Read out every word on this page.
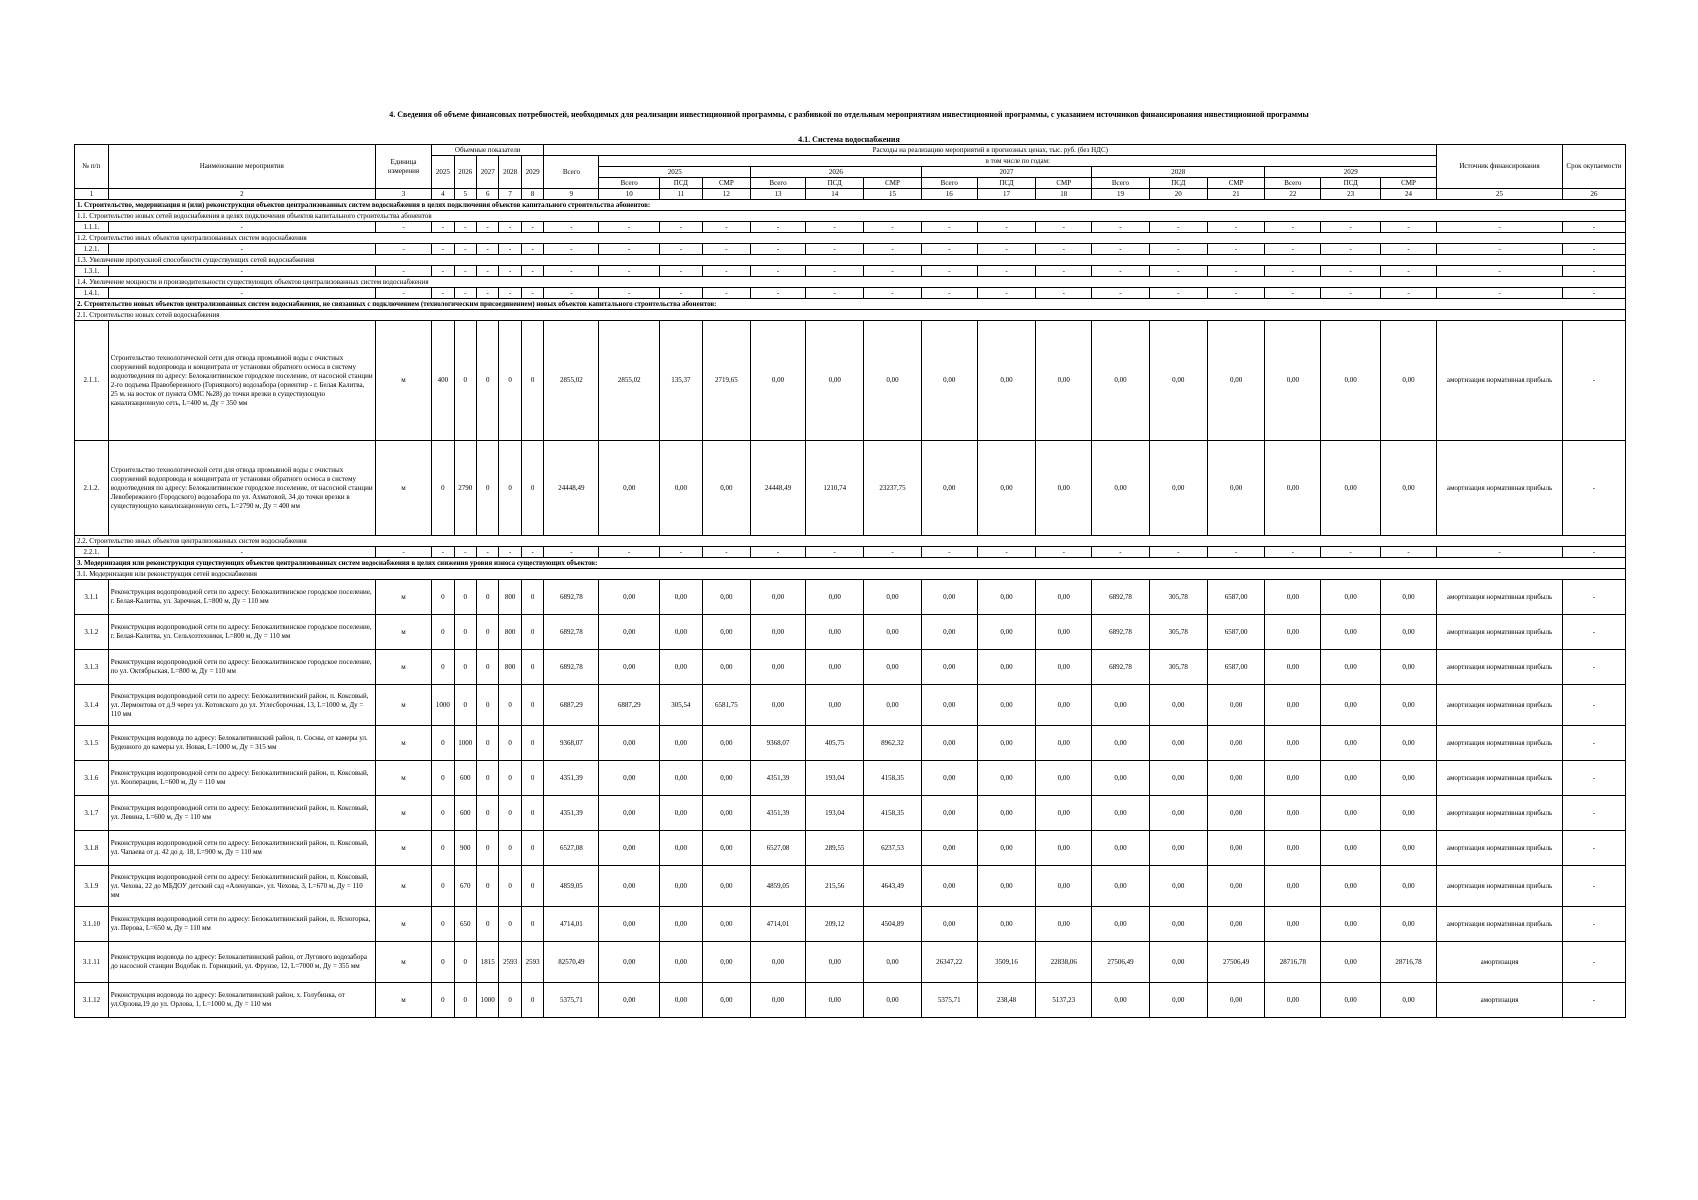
4. Сведения об объеме финансовых потребностей, необходимых для реализации инвестиционной программы, с разбивкой по отдельным мероприятиям инвестиционной программы, с указанием источников финансирования инвестиционной программы
4.1. Система водоснабжения
№ п/п	Наименование мероприятия	Единица измерения	Объемные показатели					Расходы на реализацию мероприятий в прогнозных ценах, тыс. руб. (без НДС)																Источник финансирования	Срок окупаемости
			2025	2026	2027	2028	2029	Всего	в том числе по годам:																
									2025			2026			2027			2028			2029				
									Всего	ПСД	СМР	Всего	ПСД	СМР	Всего	ПСД	СМР	Всего	ПСД	СМР	Всего	ПСД	СМР		
1	2	3	4	5	6	7	8	9	10	11	12	13	14	15	16	17	18	19	20	21	22	23	24	25	26
1. Строительство, модернизация и (или) реконструкция объектов централизованных систем водоснабжения в целях подключения объектов капитального строительства абонентов:																									
1.1. Строительство новых сетей водоснабжения в целях подключения объектов капитального строительства абонентов																									
1.1.1.	-	-	-	-	-	-	-	-	-	-	-	-	-	-	-	-	-	-	-	-	-	-	-	-	-
1.2. Строительство иных объектов централизованных систем водоснабжения																									
1.2.1.	-	-	-	-	-	-	-	-	-	-	-	-	-	-	-	-	-	-	-	-	-	-	-	-	-
1.3. Увеличение пропускной способности существующих сетей водоснабжения																									
1.3.1.	-	-	-	-	-	-	-	-	-	-	-	-	-	-	-	-	-	-	-	-	-	-	-	-	-
1.4. Увеличение мощности и производительности существующих объектов централизованных систем водоснабжения																									
1.4.1.	-	-	-	-	-	-	-	-	-	-	-	-	-	-	-	-	-	-	-	-	-	-	-	-	-
2. Строительство новых объектов централизованных систем водоснабжения, не связанных с подключением (технологическим присоединением) новых объектов капитального строительства абонентов:																									
2.1. Строительство новых сетей водоснабжения																									
2.1.1.	Строительство технологической сети для отвода промывной воды с очистных сооружений водопровода и концентрата от установки обратного осмоса в систему водоотведения по адресу: Белокалитвинское городское поселение, от насосной станции 2-го подъема Правобережного (Горняцкого) водозабора (ориентир - г. Белая Калитва, 25 м. на восток от пункта ОМС №28) до точки врезки в существующую канализационную сеть, L=400 м, Ду = 350 мм	м	400	0	0	0	0	2855,02	2855,02	135,37	2719,65	0,00	0,00	0,00	0,00	0,00	0,00	0,00	0,00	0,00	0,00	0,00	0,00	амортизация нормативная прибыль	-
2.1.2.	Строительство технологической сети для отвода промывной воды с очистных сооружений водопровода и концентрата от установки обратного осмоса в систему водоотведения по адресу: Белокалитвинское городское поселение, от насосной станции Левобережного (Городского) водозабора по ул. Ахматовой, 34 до точки врезки в существующую канализационную сеть, L=2790 м, Ду = 400 мм	м	0	2790	0	0	0	24448,49	0,00	0,00	0,00	24448,49	1210,74	23237,75	0,00	0,00	0,00	0,00	0,00	0,00	0,00	0,00	0,00	амортизация нормативная прибыль	-
2.2. Строительство иных объектов централизованных систем водоснабжения																									
2.2.1.	-	-	-	-	-	-	-	-	-	-	-	-	-	-	-	-	-	-	-	-	-	-	-	-	-
3. Модернизация или реконструкция существующих объектов централизованных систем водоснабжения в целях снижения уровня износа существующих объектов:																									
3.1. Модернизация или реконструкция сетей водоснабжения																									
3.1.1	Реконструкция водопроводной сети по адресу: Белокалитвинское городское поселение, г. Белая-Калитва, ул. Заречная, L=800 м, Ду = 110 мм	м	0	0	0	800	0	6892,78	0,00	0,00	0,00	0,00	0,00	0,00	0,00	0,00	0,00	6892,78	305,78	6587,00	0,00	0,00	0,00	амортизация нормативная прибыль	-
3.1.2	Реконструкция водопроводной сети по адресу: Белокалитвинское городское поселение, г. Белая-Калитва, ул. Сельхозтехники, L=800 м, Ду = 110 мм	м	0	0	0	800	0	6892,78	0,00	0,00	0,00	0,00	0,00	0,00	0,00	0,00	0,00	6892,78	305,78	6587,00	0,00	0,00	0,00	амортизация нормативная прибыль	-
3.1.3	Реконструкция водопроводной сети по адресу: Белокалитвинское городское поселение, по ул. Октябрьская, L=800 м, Ду = 110 мм	м	0	0	0	800	0	6892,78	0,00	0,00	0,00	0,00	0,00	0,00	0,00	0,00	0,00	6892,78	305,78	6587,00	0,00	0,00	0,00	амортизация нормативная прибыль	-
3.1.4	Реконструкция водопроводной сети по адресу: Белокалитвинский район, п. Коксовый, ул. Лермонтова от д.9 через ул. Котовского до ул. Углесборочная, 13, L=1000 м, Ду = 110 мм	м	1000	0	0	0	0	6887,29	6887,29	305,54	6581,75	0,00	0,00	0,00	0,00	0,00	0,00	0,00	0,00	0,00	0,00	0,00	0,00	амортизация нормативная прибыль	-
3.1.5	Реконструкция водовода по адресу: Белокалитвинский район, п. Сосны, от камеры ул. Буденного до камеры ул. Новая, L=1000 м, Ду = 315 мм	м	0	1000	0	0	0	9368,07	0,00	0,00	0,00	9368,07	405,75	8962,32	0,00	0,00	0,00	0,00	0,00	0,00	0,00	0,00	0,00	амортизация нормативная прибыль	-
3.1.6	Реконструкция водопроводной сети по адресу: Белокалитвинский район, п. Коксовый, ул. Кооперации, L=600 м, Ду = 110 мм	м	0	600	0	0	0	4351,39	0,00	0,00	0,00	4351,39	193,04	4158,35	0,00	0,00	0,00	0,00	0,00	0,00	0,00	0,00	0,00	амортизация нормативная прибыль	-
3.1.7	Реконструкция водопроводной сети по адресу: Белокалитвинский район, п. Коксовый, ул. Левина, L=600 м, Ду = 110 мм	м	0	600	0	0	0	4351,39	0,00	0,00	0,00	4351,39	193,04	4158,35	0,00	0,00	0,00	0,00	0,00	0,00	0,00	0,00	0,00	амортизация нормативная прибыль	-
3.1.8	Реконструкция водопроводной сети по адресу: Белокалитвинский район, п. Коксовый, ул. Чапаева от д. 42 до д. 18, L=900 м, Ду = 110 мм	м	0	900	0	0	0	6527,08	0,00	0,00	0,00	6527,08	289,55	6237,53	0,00	0,00	0,00	0,00	0,00	0,00	0,00	0,00	0,00	амортизация нормативная прибыль	-
3.1.9	Реконструкция водопроводной сети по адресу: Белокалитвинский район, п. Коксовый, ул. Чехова, 22 до МБДОУ детский сад «Аленушка», ул. Чехова, 3, L=670 м, Ду = 110 мм	м	0	670	0	0	0	4859,05	0,00	0,00	0,00	4859,05	215,56	4643,49	0,00	0,00	0,00	0,00	0,00	0,00	0,00	0,00	0,00	амортизация нормативная прибыль	-
3.1.10	Реконструкция водопроводной сети по адресу: Белокалитвинский район, п. Ясногорка, ул. Перова, L=650 м, Ду = 110 мм	м	0	650	0	0	0	4714,01	0,00	0,00	0,00	4714,01	209,12	4504,89	0,00	0,00	0,00	0,00	0,00	0,00	0,00	0,00	0,00	амортизация нормативная прибыль	-
3.1.11	Реконструкция водовода по адресу: Белокалитвинский район, от Лугового водозабора до насосной станции Водобак п. Горняцкий, ул. Фрунзе, 12, L=7000 м, Ду = 355 мм	м	0	0	1815	2593	2593	82570,49	0,00	0,00	0,00	0,00	0,00	0,00	26347,22	3509,16	22838,06	27506,49	0,00	27506,49	28716,78	0,00	28716,78	амортизация	-
3.1.12	Реконструкция водовода по адресу: Белокалитвинский район, х. Голубинка, от ул.Орлова,19 до ул. Орлова, 1, L=1000 м, Ду = 110 мм	м	0	0	1000	0	0	5375,71	0,00	0,00	0,00	0,00	0,00	0,00	5375,71	238,48	5137,23	0,00	0,00	0,00	0,00	0,00	0,00	амортизация	-
